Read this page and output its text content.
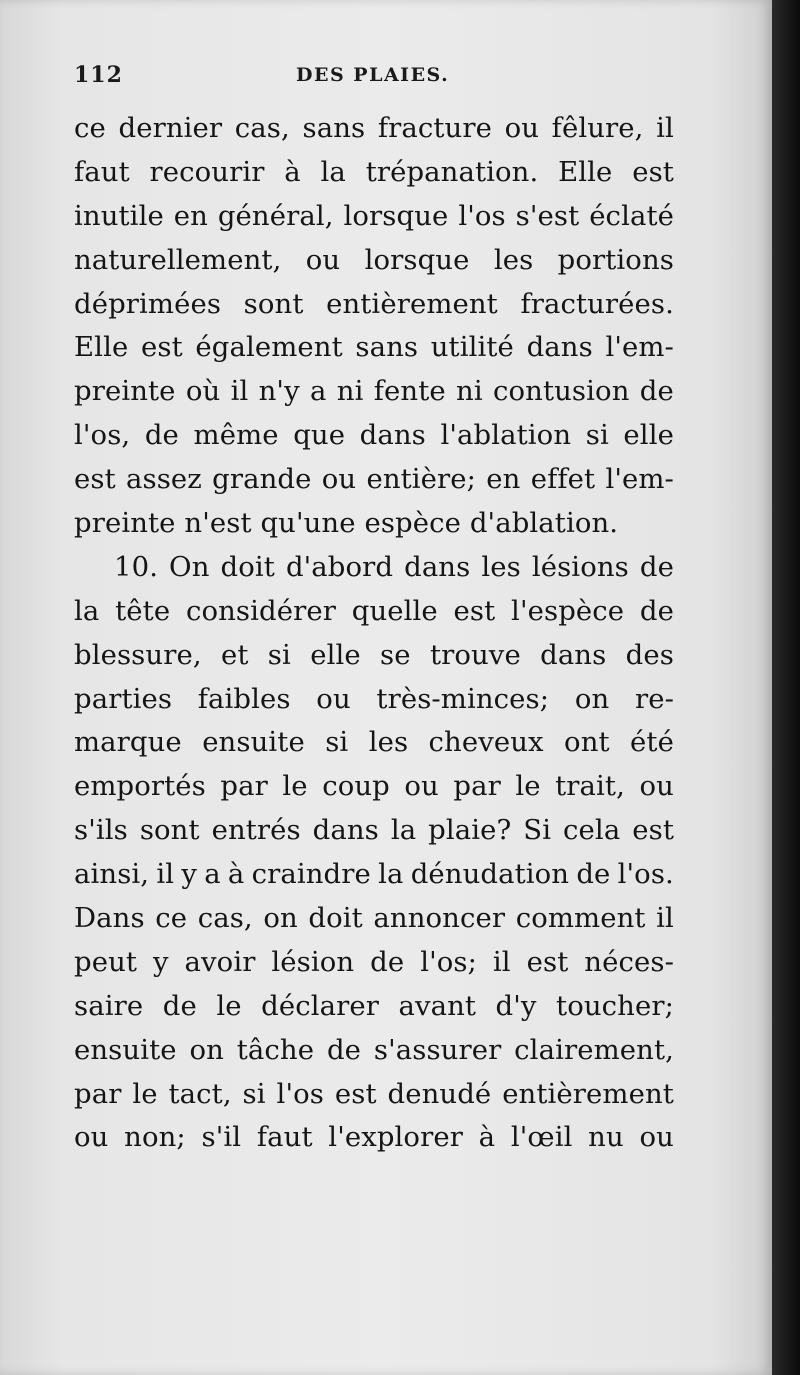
112	DES PLAIES.
ce dernier cas, sans fracture ou fêlure, il
faut recourir à la trépanation. Elle est
inutile en général, lorsque l'os s'est éclaté
naturellement, ou lorsque les portions
déprimées sont entièrement fracturées.
Elle est également sans utilité dans l'em-
preinte où il n'y a ni fente ni contusion de
l'os, de même que dans l'ablation si elle
est assez grande ou entière; en effet l'em-
preinte n'est qu'une espèce d'ablation.
10. On doit d'abord dans les lésions de
la tête considérer quelle est l'espèce de
blessure, et si elle se trouve dans des
parties faibles ou très-minces; on re-
marque ensuite si les cheveux ont été
emportés par le coup ou par le trait, ou
s'ils sont entrés dans la plaie? Si cela est
ainsi, il y a à craindre la dénudation de l'os.
Dans ce cas, on doit annoncer comment il
peut y avoir lésion de l'os; il est néces-
saire de le déclarer avant d'y toucher;
ensuite on tâche de s'assurer clairement,
par le tact, si l'os est denudé entièrement
ou non; s'il faut l'explorer à l'œil nu ou
